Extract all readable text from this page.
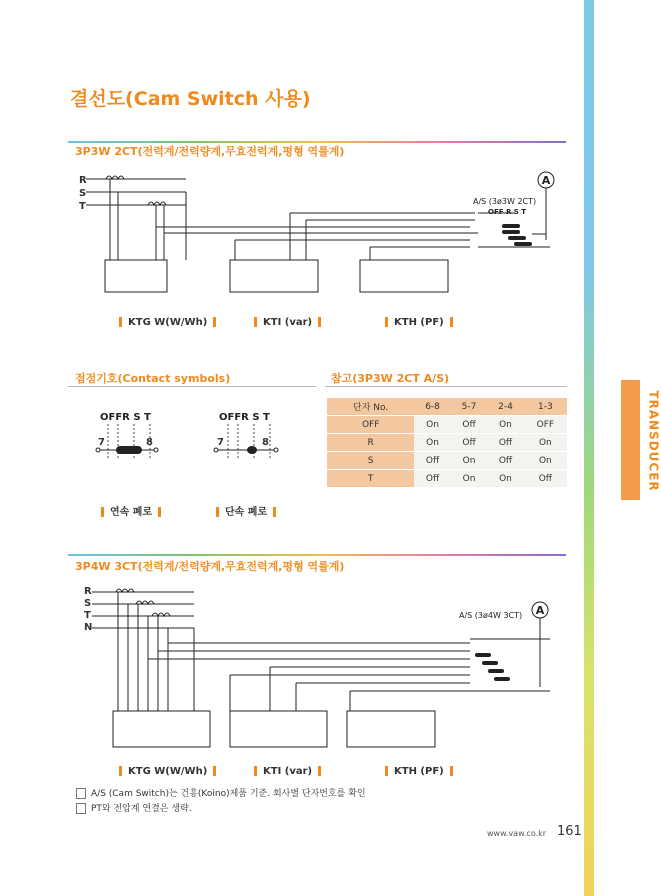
결선도(Cam Switch 사용)
TRANSDUCER
3P3W 2CT(전력계/전력량계,무효전력계,평형 역률계)
A
R
S
T	A/S (3ø3W 2CT)
OFF R S T
KTG W(W/Wh)	KTI (var)	KTH (PF)
접점기호(Contact symbols)
OFFR S T	OFFR S T
7	8	7	8
연속 폐로	단속 폐로
참고(3P3W 2CT A/S)
단자 No.	6-8	5-7	2-4	1-3
OFF	On	Off	On	OFF
R	On	Off	Off	On
S	Off	On	Off	On
T	Off	On	On	Off
3P4W 3CT(전력계/전력량계,무효전력계,평형 역률계)
A
R
S
T
N
A/S (3ø4W 3CT)
KTG W(W/Wh)	KTI (var)	KTH (PF)
A/S (Cam Switch)는 건흥(Koino)제품 기준. 회사별 단자번호를 확인
PT와 전압계 연결은 생략.
www.vaw.co.kr 161
